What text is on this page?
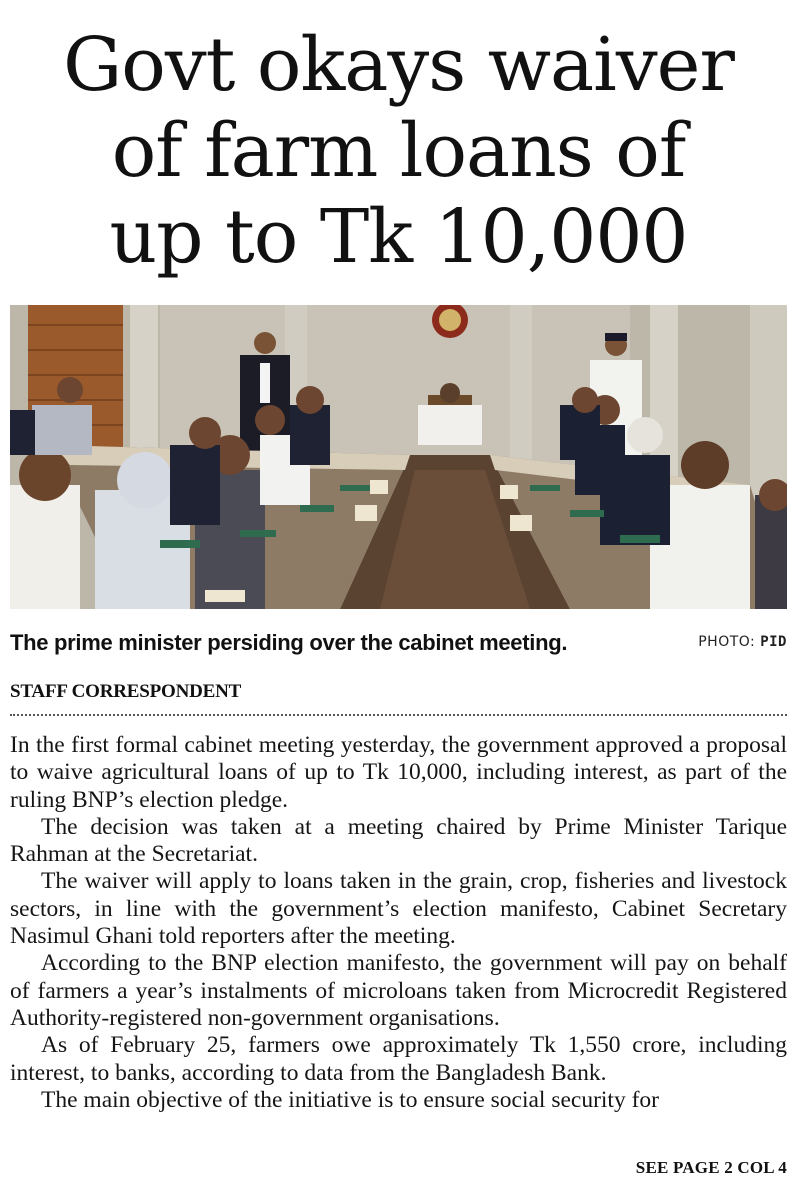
Govt okays waiver
of farm loans of
up to Tk 10,000
The prime minister persiding over the cabinet meeting.	PHOTO: PID
STAFF CORRESPONDENT

In the first formal cabinet meeting yesterday, the government approved a proposal to waive agricultural loans of up to Tk 10,000, including interest, as part of the ruling BNP’s election pledge.

The decision was taken at a meeting chaired by Prime Minister Tarique Rahman at the Secretariat.

The waiver will apply to loans taken in the grain, crop, fisheries and livestock sectors, in line with the government’s election manifesto, Cabinet Secretary Nasimul Ghani told reporters after the meeting.

According to the BNP election manifesto, the government will pay on behalf of farmers a year’s instalments of microloans taken from Microcredit Registered Authority-registered non-government organisations.

As of February 25, farmers owe approximately Tk 1,550 crore, including interest, to banks, according to data from the Bangladesh Bank.

The main objective of the initiative is to ensure social security for

SEE PAGE 2 COL 4
